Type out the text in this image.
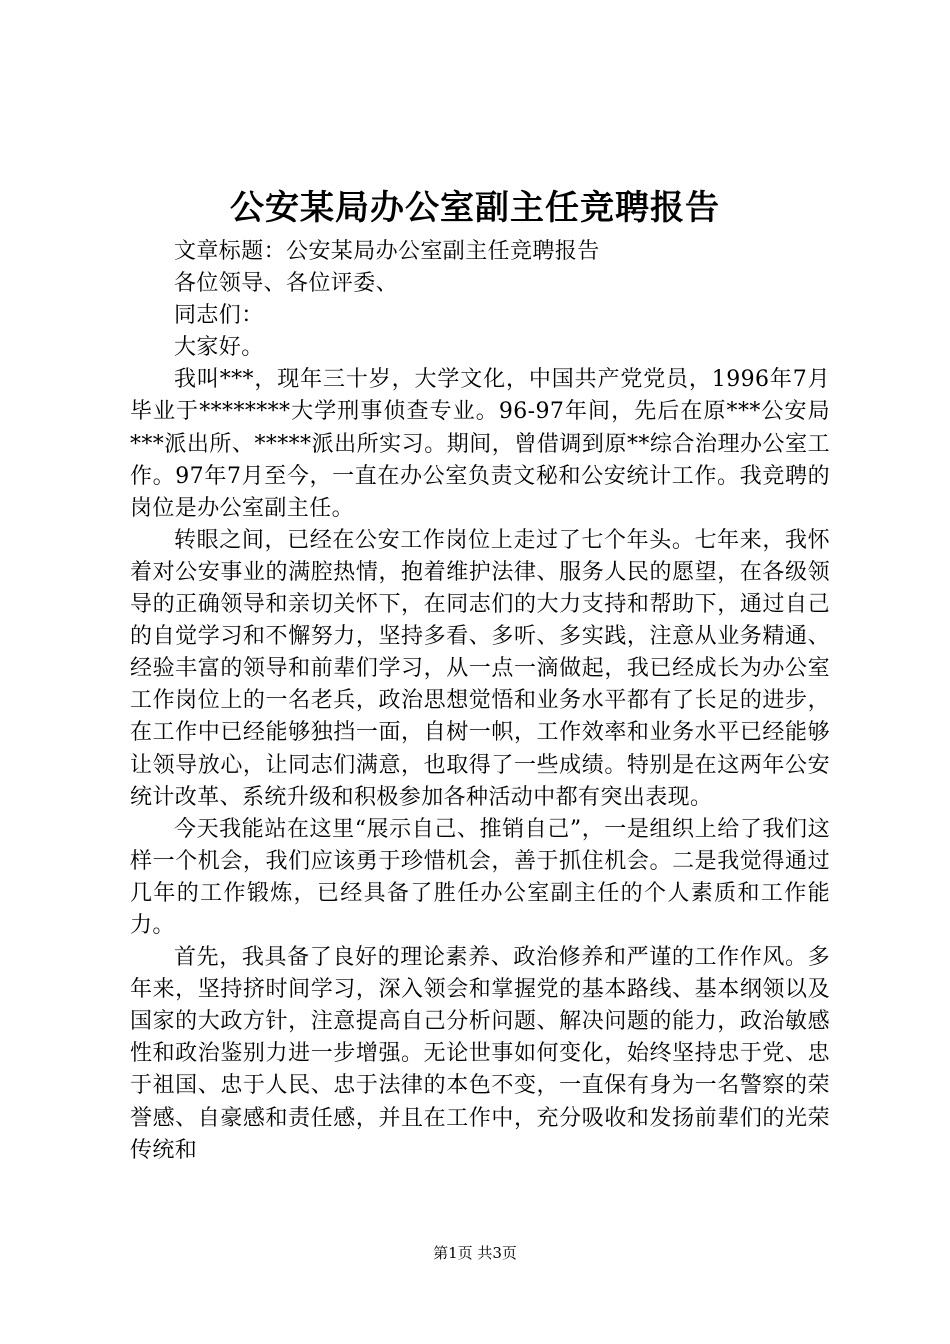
公安某局办公室副主任竞聘报告

文章标题：公安某局办公室副主任竞聘报告

各位领导、各位评委、

同志们：

大家好。

我叫***，现年三十岁，大学文化，中国共产党党员，1996年7月毕业于********大学刑事侦查专业。96-97年间，先后在原***公安局***派出所、*****派出所实习。期间，曾借调到原**综合治理办公室工作。97年7月至今，一直在办公室负责文秘和公安统计工作。我竞聘的岗位是办公室副主任。

转眼之间，已经在公安工作岗位上走过了七个年头。七年来，我怀着对公安事业的满腔热情，抱着维护法律、服务人民的愿望，在各级领导的正确领导和亲切关怀下，在同志们的大力支持和帮助下，通过自己的自觉学习和不懈努力，坚持多看、多听、多实践，注意从业务精通、经验丰富的领导和前辈们学习，从一点一滴做起，我已经成长为办公室工作岗位上的一名老兵，政治思想觉悟和业务水平都有了长足的进步，在工作中已经能够独挡一面，自树一帜，工作效率和业务水平已经能够让领导放心，让同志们满意，也取得了一些成绩。特别是在这两年公安统计改革、系统升级和积极参加各种活动中都有突出表现。

今天我能站在这里“展示自己、推销自己”，一是组织上给了我们这样一个机会，我们应该勇于珍惜机会，善于抓住机会。二是我觉得通过几年的工作锻炼，已经具备了胜任办公室副主任的个人素质和工作能力。

首先，我具备了良好的理论素养、政治修养和严谨的工作作风。多年来，坚持挤时间学习，深入领会和掌握党的基本路线、基本纲领以及国家的大政方针，注意提高自己分析问题、解决问题的能力，政治敏感性和政治鉴别力进一步增强。无论世事如何变化，始终坚持忠于党、忠于祖国、忠于人民、忠于法律的本色不变，一直保有身为一名警察的荣誉感、自豪感和责任感，并且在工作中，充分吸收和发扬前辈们的光荣传统和

第1页 共3页
